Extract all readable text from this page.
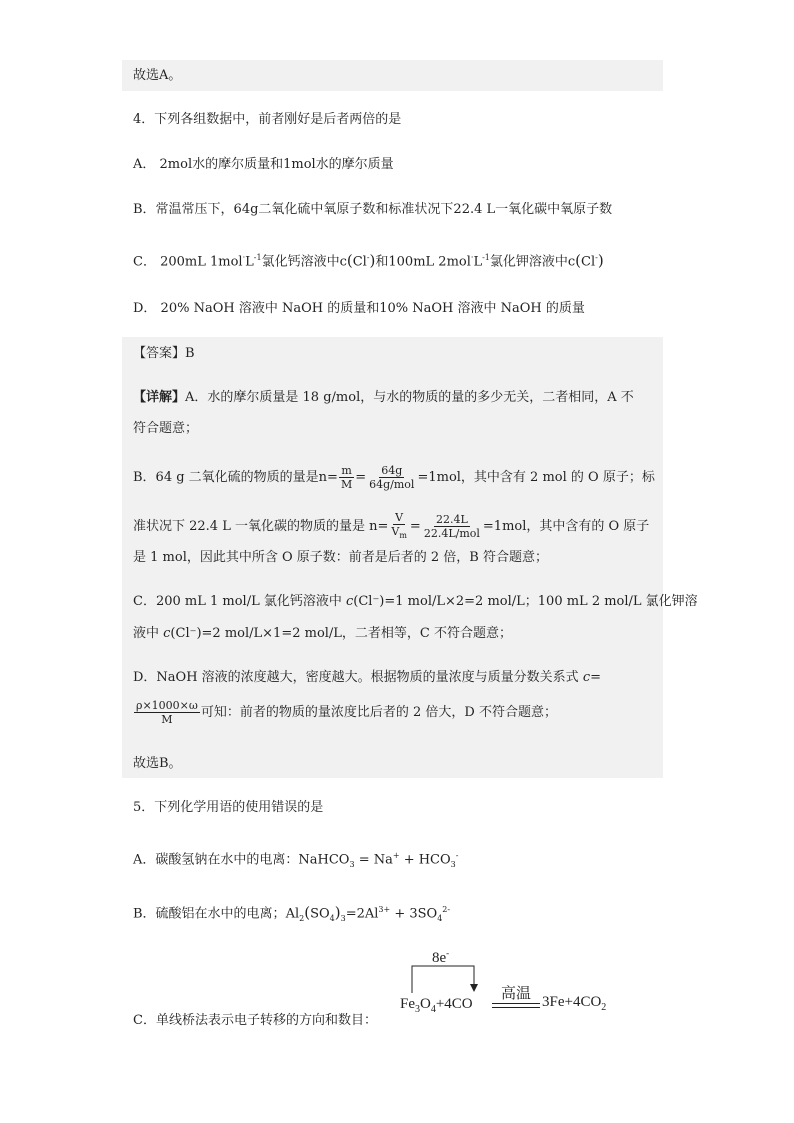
故选A。
4．下列各组数据中，前者刚好是后者两倍的是
A． 2mol水的摩尔质量和1mol水的摩尔质量
B．常温常压下，64g二氧化硫中氧原子数和标准状况下22.4 L一氧化碳中氧原子数
C． 200mL $1mol^\cdot L^{-1}$氯化钙溶液中c(Cl-)和100mL $2mol^\cdot L^{-1}$氯化钾溶液中c(Cl-)
D． 20% NaOH 溶液中 NaOH 的质量和10% NaOH 溶液中 NaOH 的质量
【答案】B
【详解】A．水的摩尔质量是 18 g/mol，与水的物质的量的多少无关，二者相同，A 不
符合题意；
B．64 g 二氧化硫的物质的量是$n= \frac{m}{M} = \frac{64g}{\text{64g/mol}} =1mol$，其中含有 2 mol 的 O 原子；标
准状况下 22.4 L 一氧化碳的物质的量是 $n= \frac{V}{V_m} = \frac{22.4L}{\text{22.4L/mol}} =1mol$，其中含有的 O 原子
是 1 mol，因此其中所含 O 原子数：前者是后者的 2 倍，B 符合题意；
C．200 mL 1 mol/L 氯化钙溶液中 c(Cl⁻)=1 mol/L×2=2 mol/L；100 mL 2 mol/L 氯化钾溶
液中 c(Cl⁻)=2 mol/L×1=2 mol/L，二者相等，C 不符合题意；
D．NaOH 溶液的浓度越大，密度越大。根据物质的量浓度与质量分数关系式 c=
$\frac{\rho\times 1000\times\omega}{M}$ 可知：前者的物质的量浓度比后者的 2 倍大，D 不符合题意；
故选B。
5．下列化学用语的使用错误的是
A．碳酸氢钠在水中的电离：NaHCO$_3$ = $Na^+ + HCO_3^-$
B．硫酸铝在水中的电离；$Al_2(SO_4)_3=2Al^{3+} + 3SO_4^{2-}$
C．单线桥法表示电子转移的方向和数目：
8e-
$Fe_3O_4+4CO$
高温 $3Fe+4CO_2$
